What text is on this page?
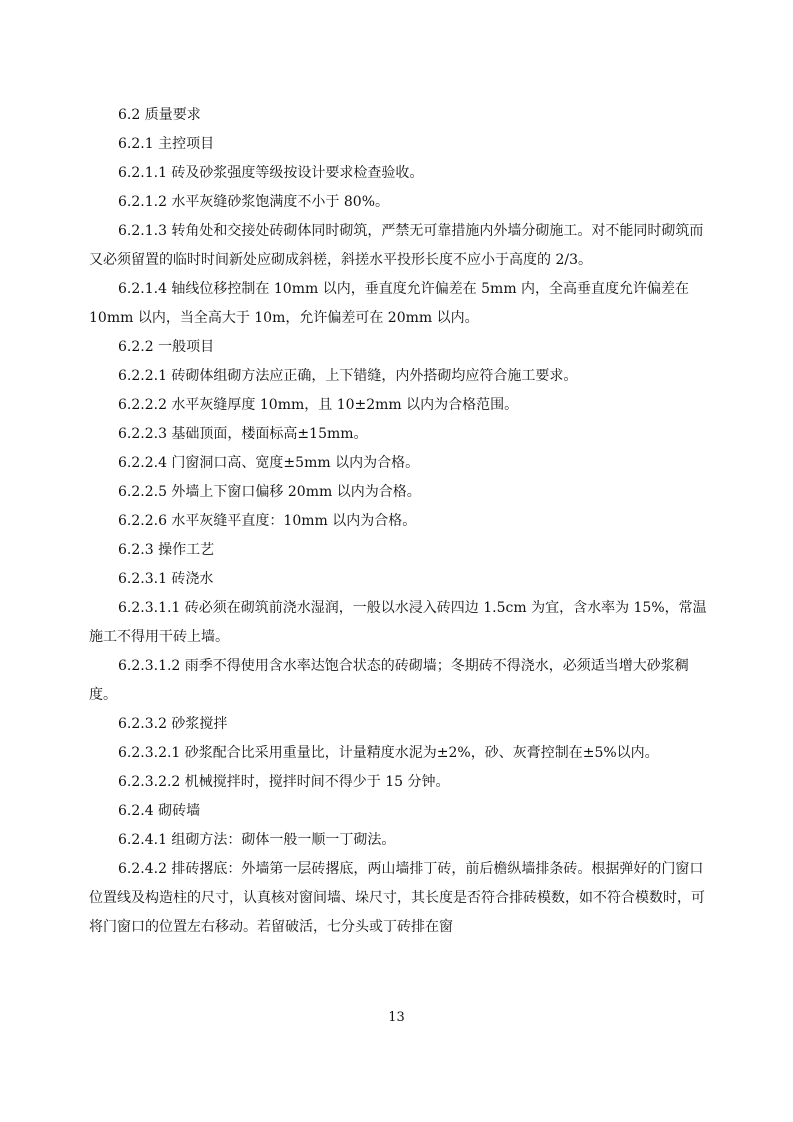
6.2 质量要求

6.2.1 主控项目

6.2.1.1 砖及砂浆强度等级按设计要求检查验收。

6.2.1.2 水平灰缝砂浆饱满度不小于 80%。

6.2.1.3 转角处和交接处砖砌体同时砌筑，严禁无可靠措施内外墙分砌施工。对不能同时砌筑而又必须留置的临时时间新处应砌成斜槎，斜搓水平投形长度不应小于高度的 2/3。

6.2.1.4 轴线位移控制在 10mm 以内，垂直度允许偏差在 5mm 内，全高垂直度允许偏差在 10mm 以内，当全高大于 10m，允许偏差可在 20mm 以内。

6.2.2 一般项目

6.2.2.1 砖砌体组砌方法应正确，上下错缝，内外搭砌均应符合施工要求。

6.2.2.2 水平灰缝厚度 10mm，且 10±2mm 以内为合格范围。

6.2.2.3 基础顶面，楼面标高±15mm。

6.2.2.4 门窗洞口高、宽度±5mm 以内为合格。

6.2.2.5 外墙上下窗口偏移 20mm 以内为合格。

6.2.2.6 水平灰缝平直度：10mm 以内为合格。

6.2.3 操作工艺

6.2.3.1 砖浇水

6.2.3.1.1 砖必须在砌筑前浇水湿润，一般以水浸入砖四边 1.5cm 为宜，含水率为 15%，常温施工不得用干砖上墙。

6.2.3.1.2 雨季不得使用含水率达饱合状态的砖砌墙；冬期砖不得浇水，必须适当增大砂浆稠度。

6.2.3.2 砂浆搅拌

6.2.3.2.1 砂浆配合比采用重量比，计量精度水泥为±2%，砂、灰膏控制在±5%以内。

6.2.3.2.2 机械搅拌时，搅拌时间不得少于 15 分钟。

6.2.4 砌砖墙

6.2.4.1 组砌方法：砌体一般一顺一丁砌法。

6.2.4.2 排砖撂底：外墙第一层砖撂底，两山墙排丁砖，前后檐纵墙排条砖。根据弹好的门窗口位置线及构造柱的尺寸，认真核对窗间墙、垛尺寸，其长度是否符合排砖模数，如不符合模数时，可将门窗口的位置左右移动。若留破活，七分头或丁砖排在窗

13
